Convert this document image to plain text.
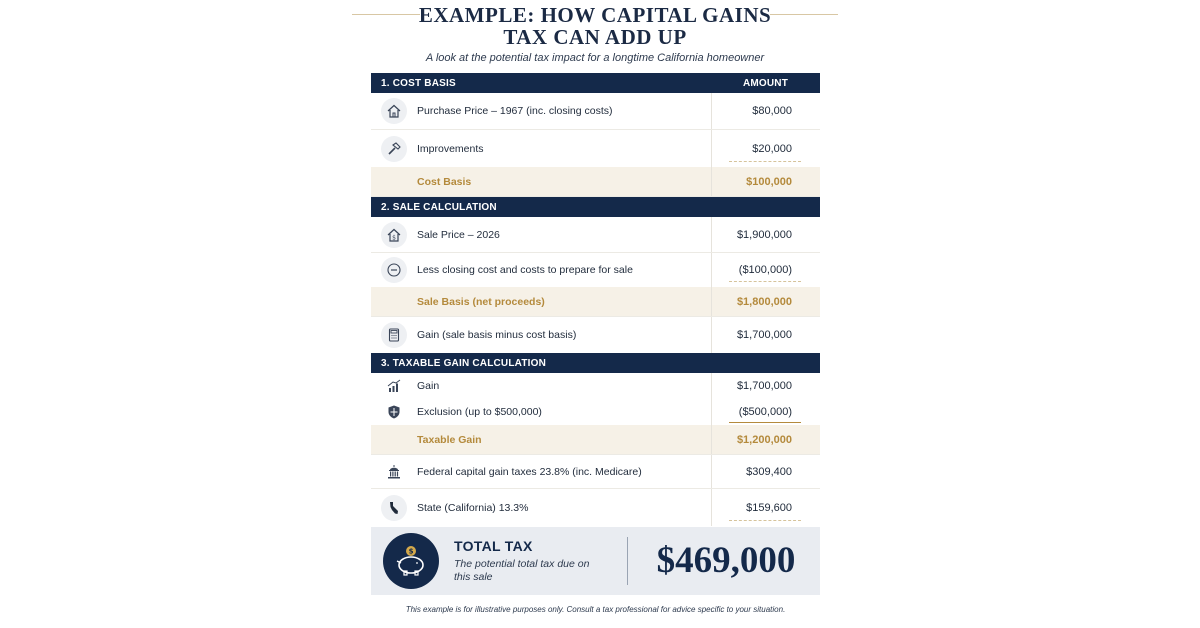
EXAMPLE: HOW CAPITAL GAINS
TAX CAN ADD UP
A look at the potential tax impact for a longtime California homeowner
1. COST BASIS	AMOUNT
Purchase Price – 1967 (inc. closing costs)	$80,000
Improvements	$20,000
Cost Basis	$100,000
2. SALE CALCULATION
$ Sale Price – 2026	$1,900,000
Less closing cost and costs to prepare for sale	($100,000)
Sale Basis (net proceeds)	$1,800,000
Gain (sale basis minus cost basis)	$1,700,000
3. TAXABLE GAIN CALCULATION
Gain	$1,700,000
Exclusion (up to $500,000)	($500,000)
Taxable Gain	$1,200,000
Federal capital gain taxes 23.8% (inc. Medicare)	$309,400
State (California) 13.3%	$159,600
$	TOTAL TAX
The potential total tax due on this sale	$469,000
This example is for illustrative purposes only. Consult a tax professional for advice specific to your situation.
